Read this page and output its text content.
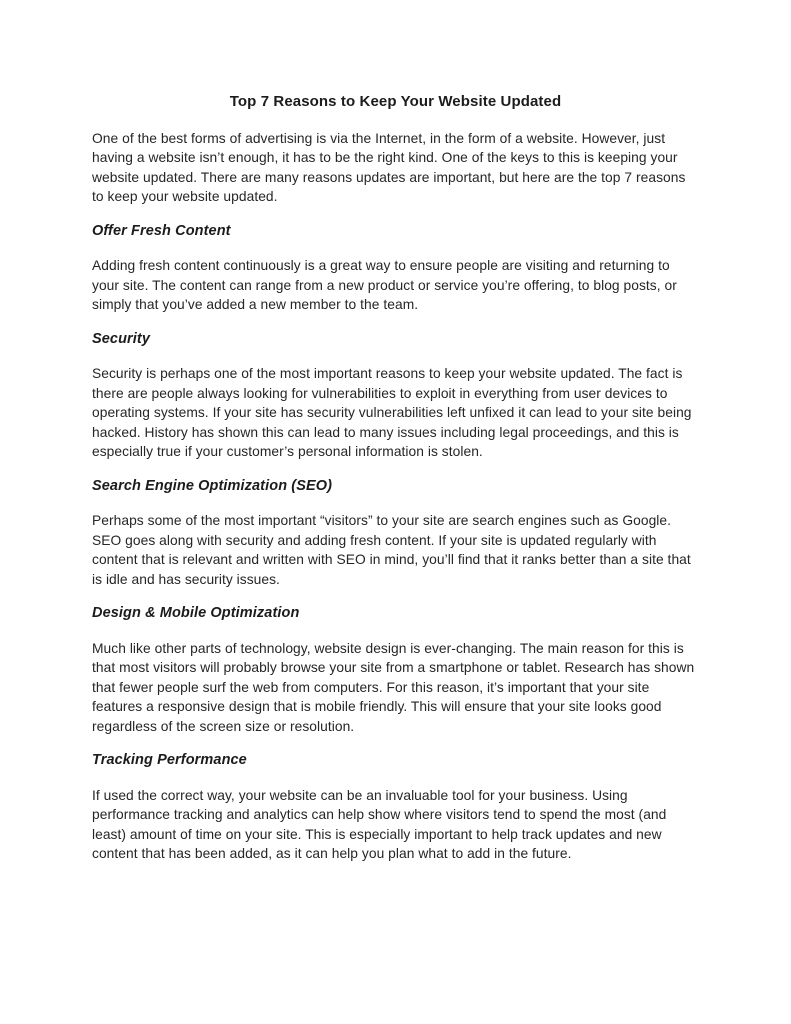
Top 7 Reasons to Keep Your Website Updated

One of the best forms of advertising is via the Internet, in the form of a website. However, just having a website isn’t enough, it has to be the right kind. One of the keys to this is keeping your website updated. There are many reasons updates are important, but here are the top 7 reasons to keep your website updated.

Offer Fresh Content

Adding fresh content continuously is a great way to ensure people are visiting and returning to your site. The content can range from a new product or service you’re offering, to blog posts, or simply that you’ve added a new member to the team.

Security

Security is perhaps one of the most important reasons to keep your website updated. The fact is there are people always looking for vulnerabilities to exploit in everything from user devices to operating systems. If your site has security vulnerabilities left unfixed it can lead to your site being hacked. History has shown this can lead to many issues including legal proceedings, and this is especially true if your customer’s personal information is stolen.

Search Engine Optimization (SEO)

Perhaps some of the most important “visitors” to your site are search engines such as Google. SEO goes along with security and adding fresh content. If your site is updated regularly with content that is relevant and written with SEO in mind, you’ll find that it ranks better than a site that is idle and has security issues.

Design & Mobile Optimization

Much like other parts of technology, website design is ever-changing. The main reason for this is that most visitors will probably browse your site from a smartphone or tablet. Research has shown that fewer people surf the web from computers. For this reason, it’s important that your site features a responsive design that is mobile friendly. This will ensure that your site looks good regardless of the screen size or resolution.

Tracking Performance

If used the correct way, your website can be an invaluable tool for your business. Using performance tracking and analytics can help show where visitors tend to spend the most (and least) amount of time on your site. This is especially important to help track updates and new content that has been added, as it can help you plan what to add in the future.
